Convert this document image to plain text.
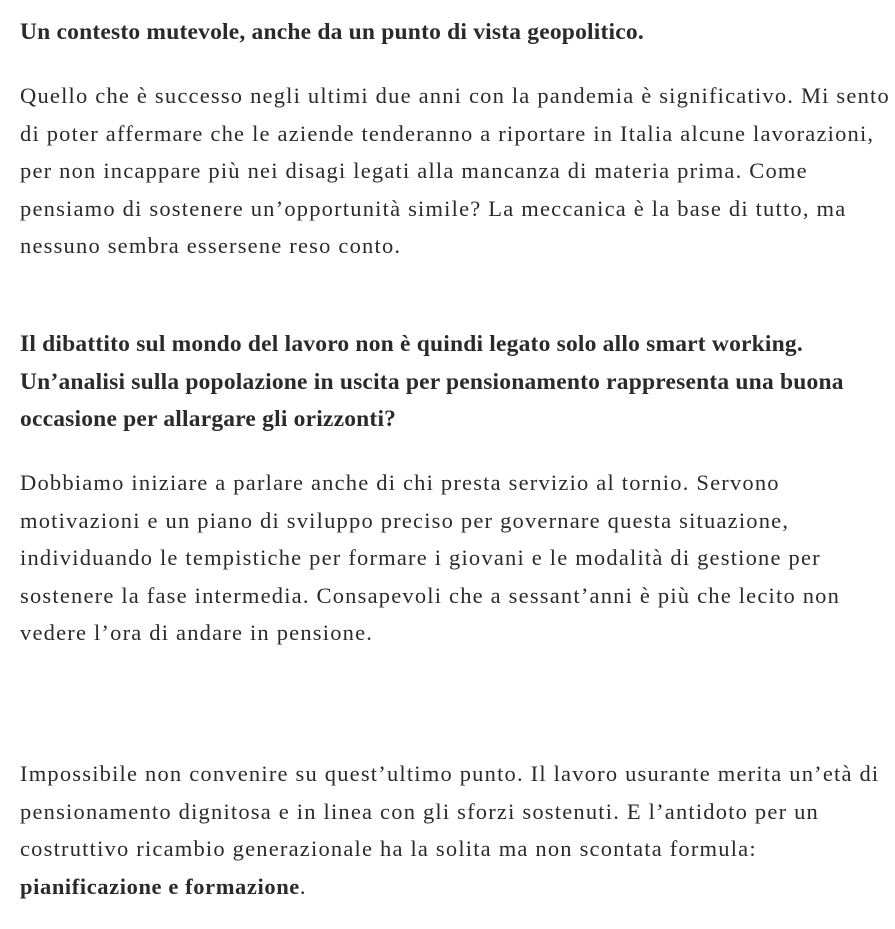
Un contesto mutevole, anche da un punto di vista geopolitico.

Quello che è successo negli ultimi due anni con la pandemia è significativo. Mi sento di poter affermare che le aziende tenderanno a riportare in Italia alcune lavorazioni, per non incappare più nei disagi legati alla mancanza di materia prima. Come pensiamo di sostenere un’opportunità simile? La meccanica è la base di tutto, ma nessuno sembra essersene reso conto.

Il dibattito sul mondo del lavoro non è quindi legato solo allo smart working. Un’analisi sulla popolazione in uscita per pensionamento rappresenta una buona occasione per allargare gli orizzonti?

Dobbiamo iniziare a parlare anche di chi presta servizio al tornio. Servono motivazioni e un piano di sviluppo preciso per governare questa situazione, individuando le tempistiche per formare i giovani e le modalità di gestione per sostenere la fase intermedia. Consapevoli che a sessant’anni è più che lecito non vedere l’ora di andare in pensione.

Impossibile non convenire su quest’ultimo punto. Il lavoro usurante merita un’età di pensionamento dignitosa e in linea con gli sforzi sostenuti. E l’antidoto per un costruttivo ricambio generazionale ha la solita ma non scontata formula: pianificazione e formazione.
